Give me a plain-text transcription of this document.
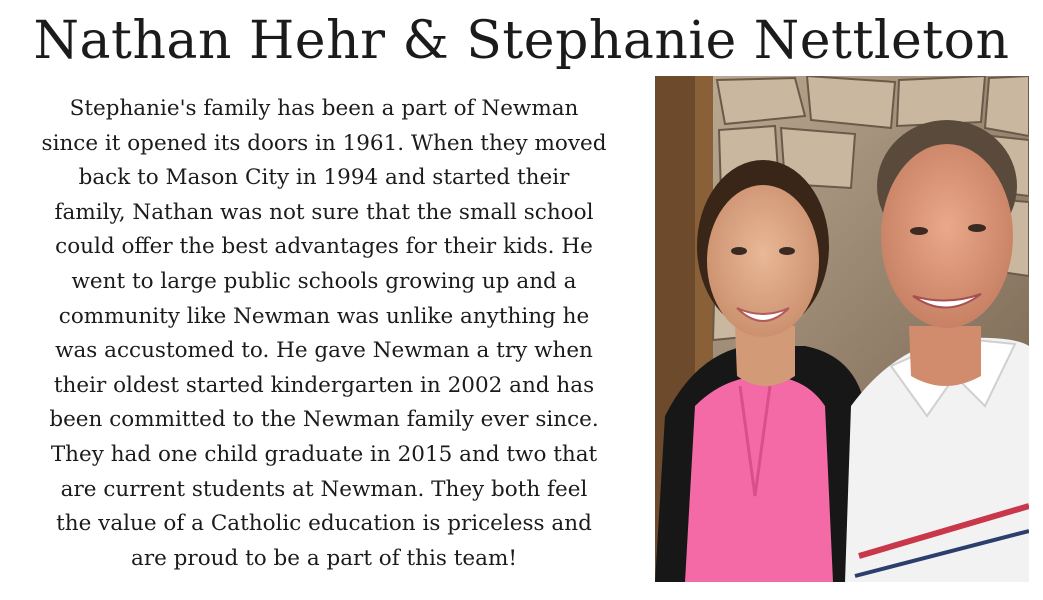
Nathan Hehr & Stephanie Nettleton
Stephanie's family has been a part of Newman
since it opened its doors in 1961. When they moved
back to Mason City in 1994 and started their
family, Nathan was not sure that the small school
could offer the best advantages for their kids. He
went to large public schools growing up and a
community like Newman was unlike anything he
was accustomed to. He gave Newman a try when
their oldest started kindergarten in 2002 and has
been committed to the Newman family ever since.
They had one child graduate in 2015 and two that
are current students at Newman. They both feel
the value of a Catholic education is priceless and
are proud to be a part of this team!
